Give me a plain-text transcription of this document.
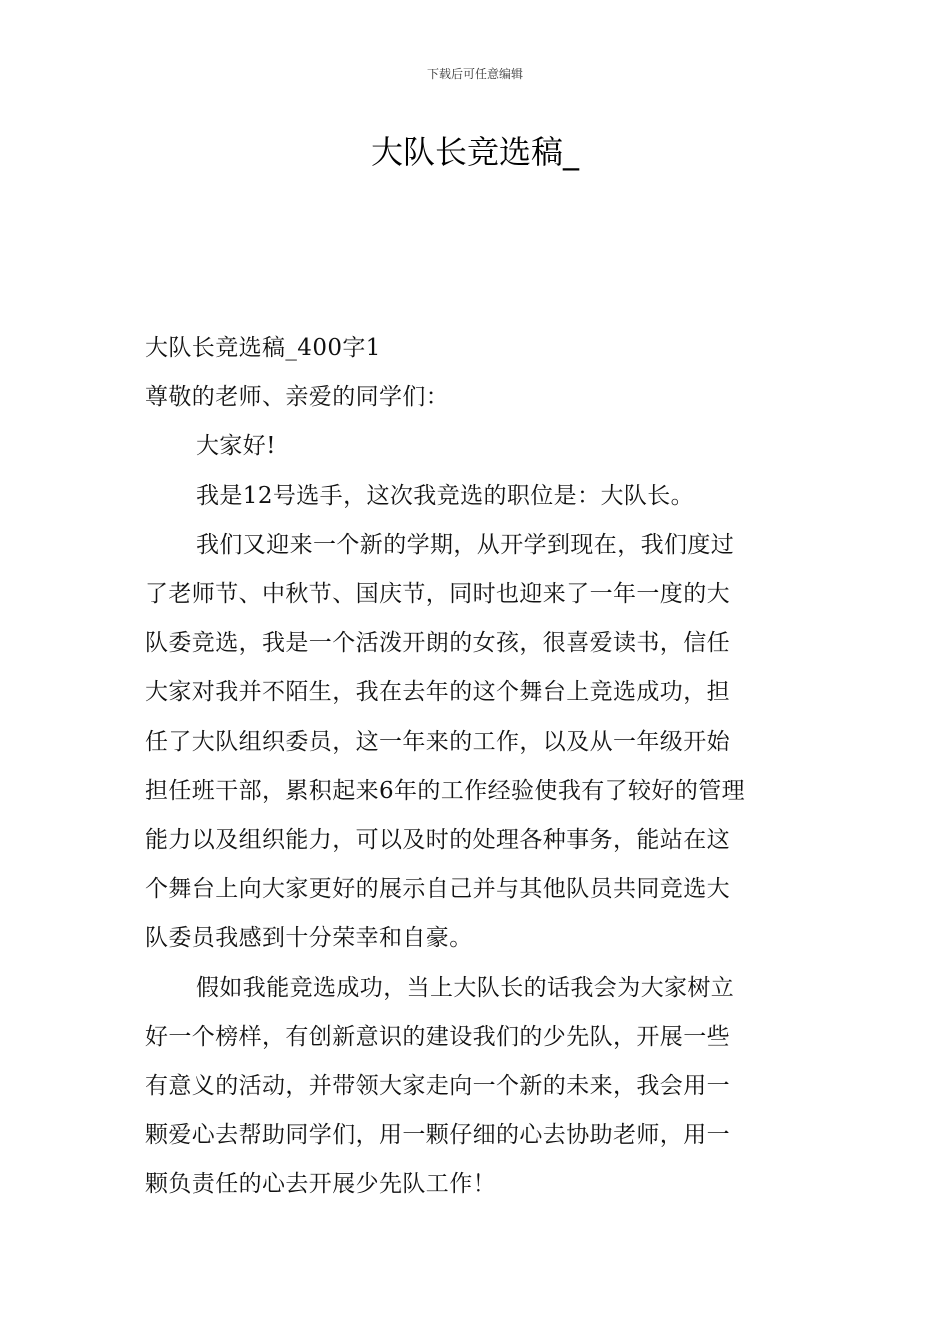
下载后可任意编辑
大队长竞选稿_

大队长竞选稿_400字1

尊敬的老师、亲爱的同学们：

大家好!

我是12号选手，这次我竞选的职位是：大队长。

我们又迎来一个新的学期，从开学到现在，我们度过

了老师节、中秋节、国庆节，同时也迎来了一年一度的大

队委竞选，我是一个活泼开朗的女孩，很喜爱读书，信任

大家对我并不陌生，我在去年的这个舞台上竞选成功，担

任了大队组织委员，这一年来的工作，以及从一年级开始

担任班干部，累积起来6年的工作经验使我有了较好的管理

能力以及组织能力，可以及时的处理各种事务，能站在这

个舞台上向大家更好的展示自己并与其他队员共同竞选大

队委员我感到十分荣幸和自豪。

假如我能竞选成功，当上大队长的话我会为大家树立

好一个榜样，有创新意识的建设我们的少先队，开展一些

有意义的活动，并带领大家走向一个新的未来，我会用一

颗爱心去帮助同学们，用一颗仔细的心去协助老师，用一

颗负责任的心去开展少先队工作！
